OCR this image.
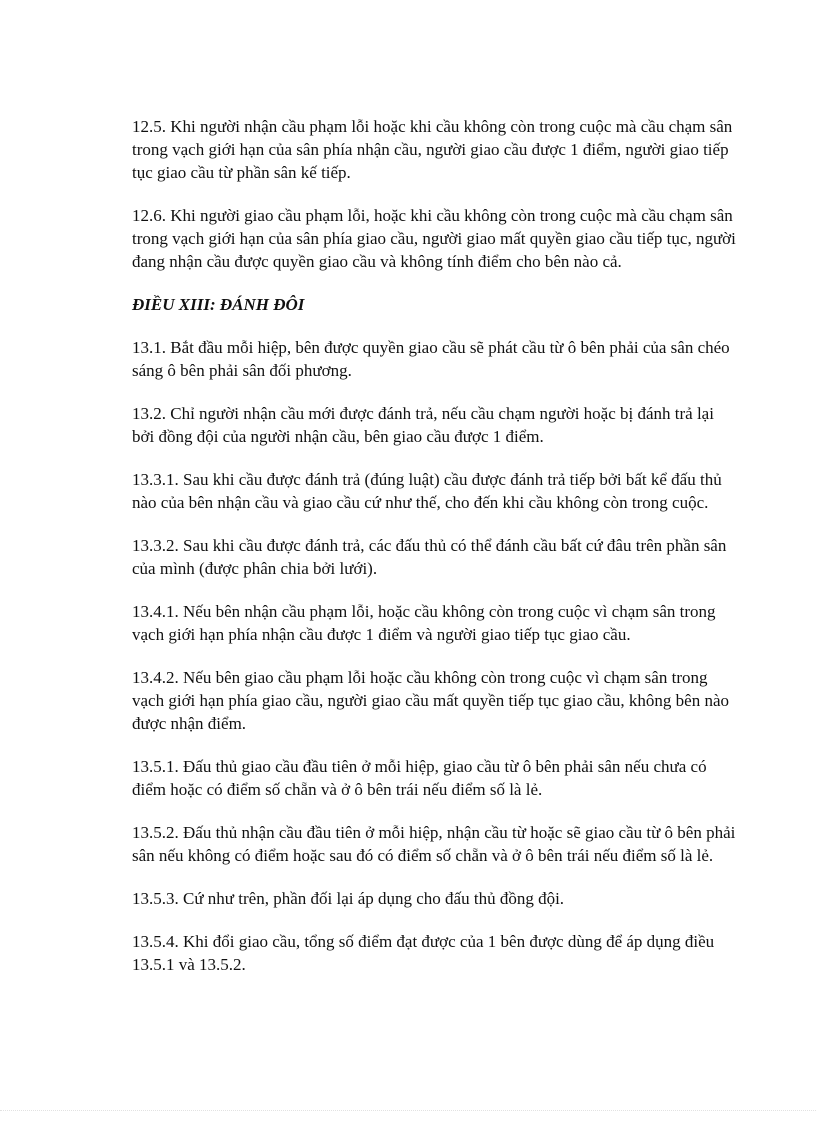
12.5. Khi người nhận cầu phạm lỗi hoặc khi cầu không còn trong cuộc mà cầu chạm sân trong vạch giới hạn của sân phía nhận cầu, người giao cầu được 1 điểm, người giao tiếp tục giao cầu từ phần sân kế tiếp.

12.6. Khi người giao cầu phạm lỗi, hoặc khi cầu không còn trong cuộc mà cầu chạm sân trong vạch giới hạn của sân phía giao cầu, người giao mất quyền giao cầu tiếp tục, người đang nhận cầu được quyền giao cầu và không tính điểm cho bên nào cả.

ĐIỀU XIII: ĐÁNH ĐÔI

13.1. Bắt đầu mỗi hiệp, bên được quyền giao cầu sẽ phát cầu từ ô bên phải của sân chéo sáng ô bên phải sân đối phương.

13.2. Chỉ người nhận cầu mới được đánh trả, nếu cầu chạm người hoặc bị đánh trả lại bởi đồng đội của người nhận cầu, bên giao cầu được 1 điểm.

13.3.1. Sau khi cầu được đánh trả (đúng luật) cầu được đánh trả tiếp bởi bất kể đấu thủ nào của bên nhận cầu và giao cầu cứ như thế, cho đến khi cầu không còn trong cuộc.

13.3.2. Sau khi cầu được đánh trả, các đấu thủ có thể đánh cầu bất cứ đâu trên phần sân của mình (được phân chia bởi lưới).

13.4.1. Nếu bên nhận cầu phạm lỗi, hoặc cầu không còn trong cuộc vì chạm sân trong vạch giới hạn phía nhận cầu được 1 điểm và người giao tiếp tục giao cầu.

13.4.2. Nếu bên giao cầu phạm lỗi hoặc cầu không còn trong cuộc vì chạm sân trong vạch giới hạn phía giao cầu, người giao cầu mất quyền tiếp tục giao cầu, không bên nào được nhận điểm.

13.5.1. Đấu thủ giao cầu đầu tiên ở mỗi hiệp, giao cầu từ ô bên phải sân nếu chưa có điểm hoặc có điểm số chẵn và ở ô bên trái nếu điểm số là lẻ.

13.5.2. Đấu thủ nhận cầu đầu tiên ở mỗi hiệp, nhận cầu từ hoặc sẽ giao cầu từ ô bên phải sân nếu không có điểm hoặc sau đó có điểm số chẵn và ở ô bên trái nếu điểm số là lẻ.

13.5.3. Cứ như trên, phần đối lại áp dụng cho đấu thủ đồng đội.

13.5.4. Khi đổi giao cầu, tổng số điểm đạt được của 1 bên được dùng để áp dụng điều 13.5.1 và 13.5.2.
